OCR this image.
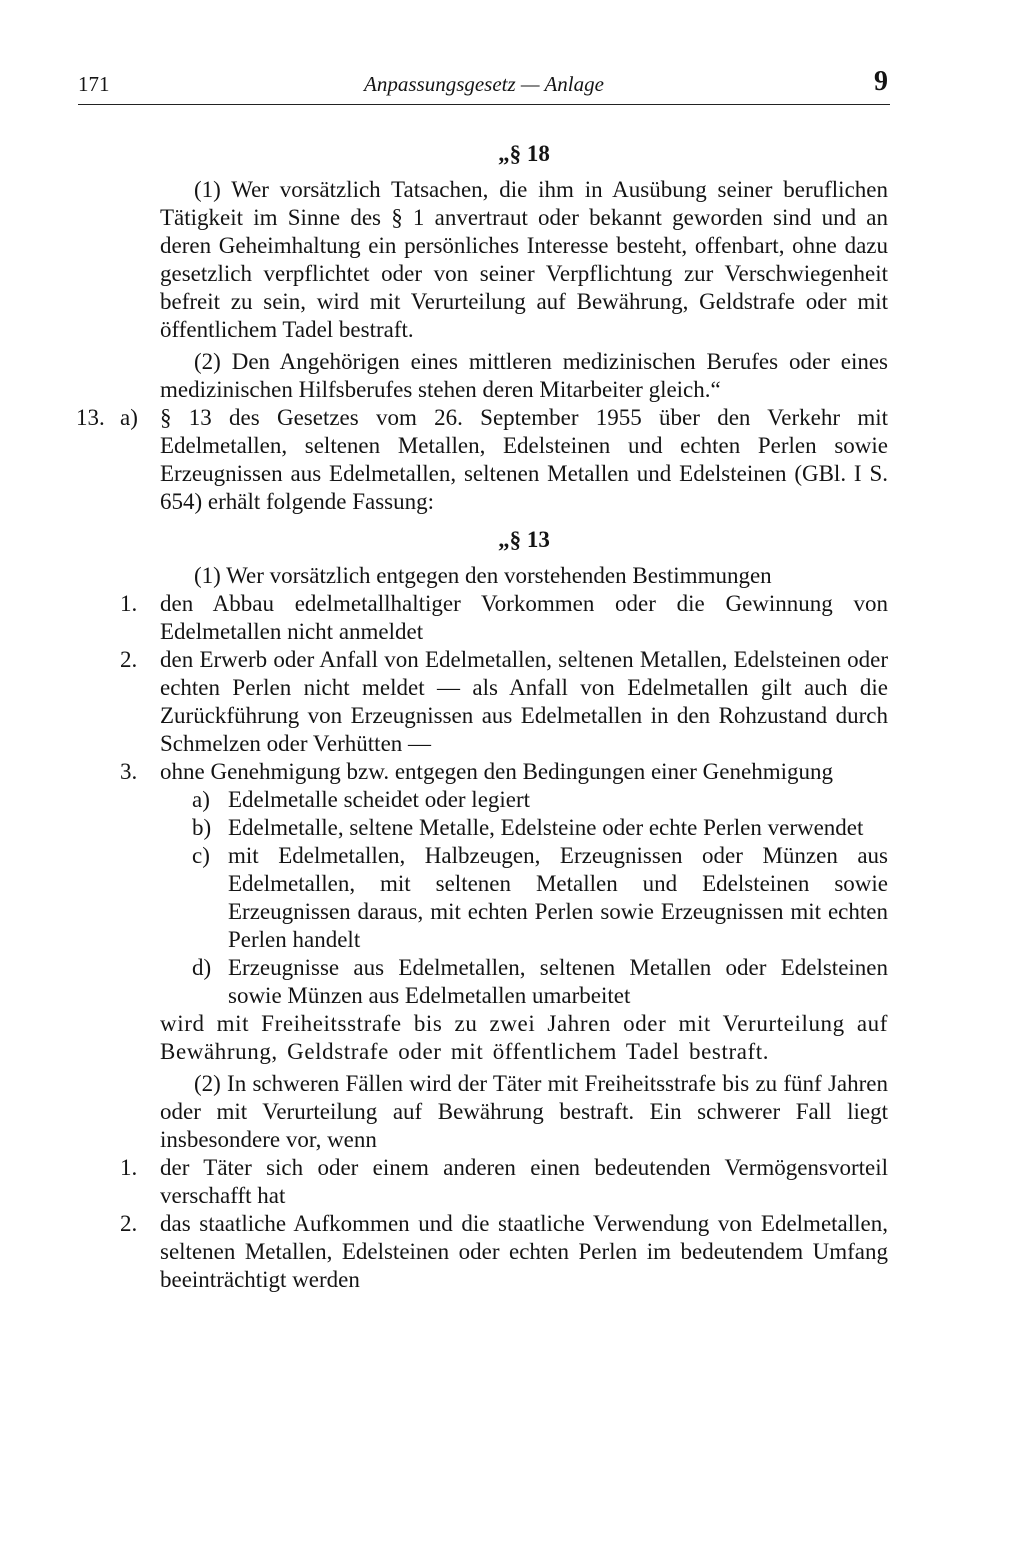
171	Anpassungsgesetz — Anlage	9
„§ 18
(1) Wer vorsätzlich Tatsachen, die ihm in Ausübung seiner beruflichen Tätigkeit im Sinne des § 1 anvertraut oder bekannt geworden sind und an deren Geheimhaltung ein persönliches Interesse besteht, offenbart, ohne dazu gesetzlich verpflichtet oder von seiner Verpflichtung zur Verschwiegenheit befreit zu sein, wird mit Verurteilung auf Bewährung, Geldstrafe oder mit öffentlichem Tadel bestraft.
(2) Den Angehörigen eines mittleren medizinischen Berufes oder eines medizinischen Hilfsberufes stehen deren Mitarbeiter gleich.“
13. a) § 13 des Gesetzes vom 26. September 1955 über den Verkehr mit Edelmetallen, seltenen Metallen, Edelsteinen und echten Perlen sowie Erzeugnissen aus Edelmetallen, seltenen Metallen und Edelsteinen (GBl. I S. 654) erhält folgende Fassung:
„§ 13
(1) Wer vorsätzlich entgegen den vorstehenden Bestimmungen
1. den Abbau edelmetallhaltiger Vorkommen oder die Gewinnung von Edelmetallen nicht anmeldet
2. den Erwerb oder Anfall von Edelmetallen, seltenen Metallen, Edelsteinen oder echten Perlen nicht meldet — als Anfall von Edelmetallen gilt auch die Zurückführung von Erzeugnissen aus Edelmetallen in den Rohzustand durch Schmelzen oder Verhütten —
3. ohne Genehmigung bzw. entgegen den Bedingungen einer Genehmigung
a) Edelmetalle scheidet oder legiert
b) Edelmetalle, seltene Metalle, Edelsteine oder echte Perlen verwendet
c) mit Edelmetallen, Halbzeugen, Erzeugnissen oder Münzen aus Edelmetallen, mit seltenen Metallen und Edelsteinen sowie Erzeugnissen daraus, mit echten Perlen sowie Erzeugnissen mit echten Perlen handelt
d) Erzeugnisse aus Edelmetallen, seltenen Metallen oder Edelsteinen sowie Münzen aus Edelmetallen umarbeitet
wird mit Freiheitsstrafe bis zu zwei Jahren oder mit Verurteilung auf Bewährung, Geldstrafe oder mit öffentlichem Tadel bestraft.
(2) In schweren Fällen wird der Täter mit Freiheitsstrafe bis zu fünf Jahren oder mit Verurteilung auf Bewährung bestraft. Ein schwerer Fall liegt insbesondere vor, wenn
1. der Täter sich oder einem anderen einen bedeutenden Vermögensvorteil verschafft hat
2. das staatliche Aufkommen und die staatliche Verwendung von Edelmetallen, seltenen Metallen, Edelsteinen oder echten Perlen im bedeutendem Umfang beeinträchtigt werden
